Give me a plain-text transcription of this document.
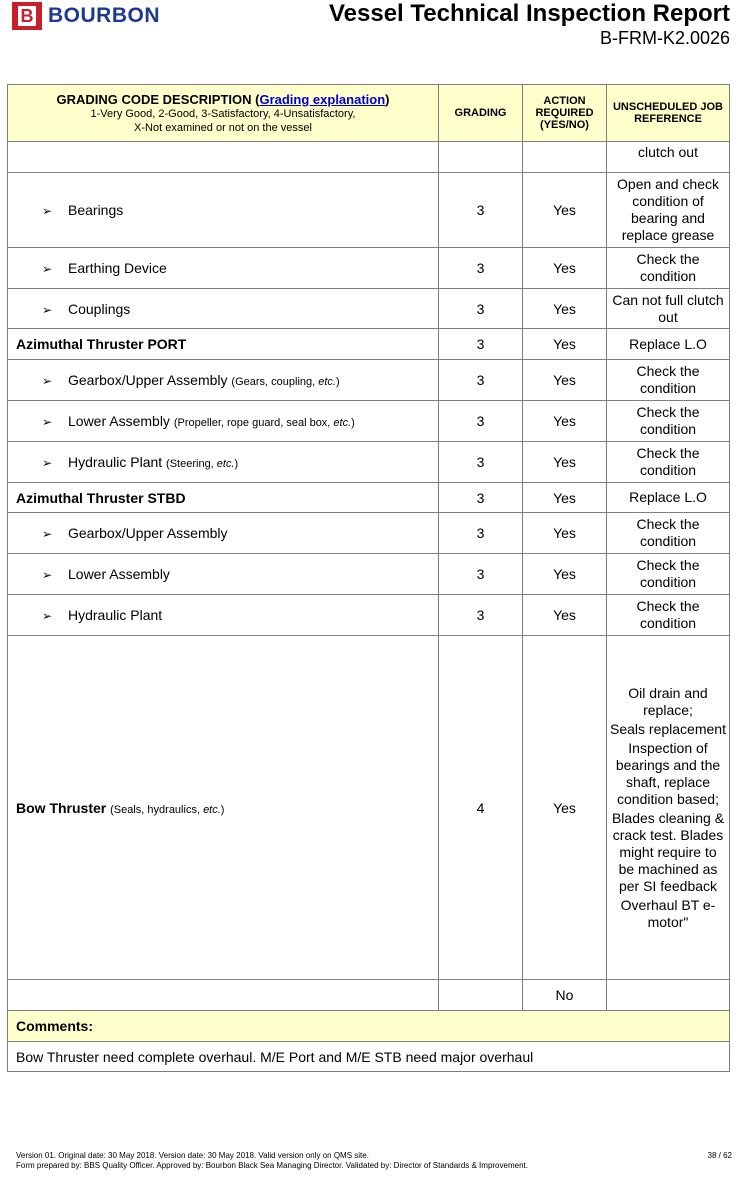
B BOURBON	Vessel Technical Inspection Report
B-FRM-K2.0026
GRADING CODE DESCRIPTION (Grading explanation)
1-Very Good, 2-Good, 3-Satisfactory, 4-Unsatisfactory,
X-Not examined or not on the vessel	GRADING	ACTION REQUIRED (YES/NO)	UNSCHEDULED JOB REFERENCE
			clutch out
➢ Bearings	3	Yes	Open and check condition of bearing and replace grease
➢ Earthing Device	3	Yes	Check the condition
➢ Couplings	3	Yes	Can not full clutch out
Azimuthal Thruster PORT	3	Yes	Replace L.O
➢ Gearbox/Upper Assembly (Gears, coupling, etc.)	3	Yes	Check the condition
➢ Lower Assembly (Propeller, rope guard, seal box, etc.)	3	Yes	Check the condition
➢ Hydraulic Plant (Steering, etc.)	3	Yes	Check the condition
Azimuthal Thruster STBD	3	Yes	Replace L.O
➢ Gearbox/Upper Assembly	3	Yes	Check the condition
➢ Lower Assembly	3	Yes	Check the condition
➢ Hydraulic Plant	3	Yes	Check the condition
Bow Thruster (Seals, hydraulics, etc.)	4	Yes	Oil drain and replace;
Seals replacement
Inspection of bearings and the shaft, replace condition based;
Blades cleaning & crack test. Blades might require to be machined as per SI feedback
Overhaul BT e-motor"

		No	
Comments:			
Bow Thruster need complete overhaul. M/E Port and M/E STB need major overhaul			
Version 01. Original date: 30 May 2018. Version date: 30 May 2018. Valid version only on QMS site.
Form prepared by: BBS Quality Officer. Approved by: Bourbon Black Sea Managing Director. Validated by: Director of Standards & Improvement.
38 / 62
